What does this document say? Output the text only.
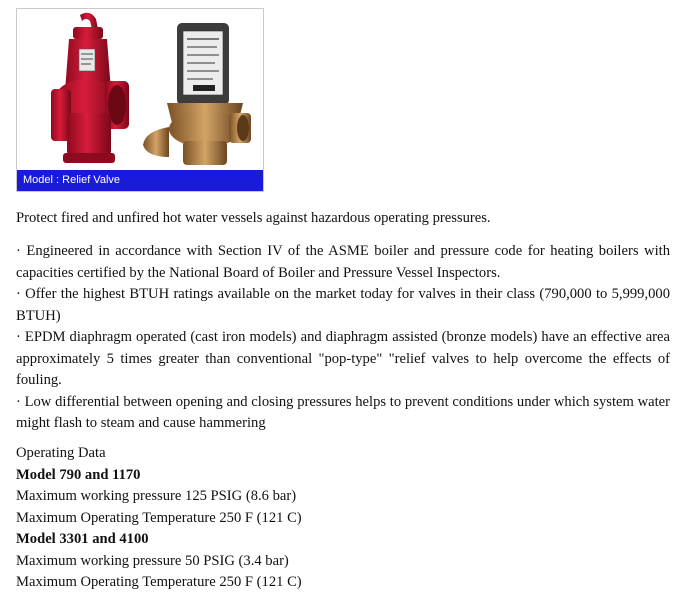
Model : Relief Valve
Protect fired and unfired hot water vessels against hazardous operating pressures.

· Engineered in accordance with Section IV of the ASME boiler and pressure code for heating boilers with capacities certified by the National Board of Boiler and Pressure Vessel Inspectors.

· Offer the highest BTUH ratings available on the market today for valves in their class (790,000 to 5,999,000 BTUH)

· EPDM diaphragm operated (cast iron models) and diaphragm assisted (bronze models) have an effective area approximately 5 times greater than conventional "pop-type" "relief valves to help overcome the effects of fouling.

· Low differential between opening and closing pressures helps to prevent conditions under which system water might flash to steam and cause hammering

Operating Data
Model 790 and 1170
Maximum working pressure 125 PSIG (8.6 bar)
Maximum Operating Temperature 250 F (121 C)
Model 3301 and 4100
Maximum working pressure 50 PSIG (3.4 bar)
Maximum Operating Temperature 250 F (121 C)
